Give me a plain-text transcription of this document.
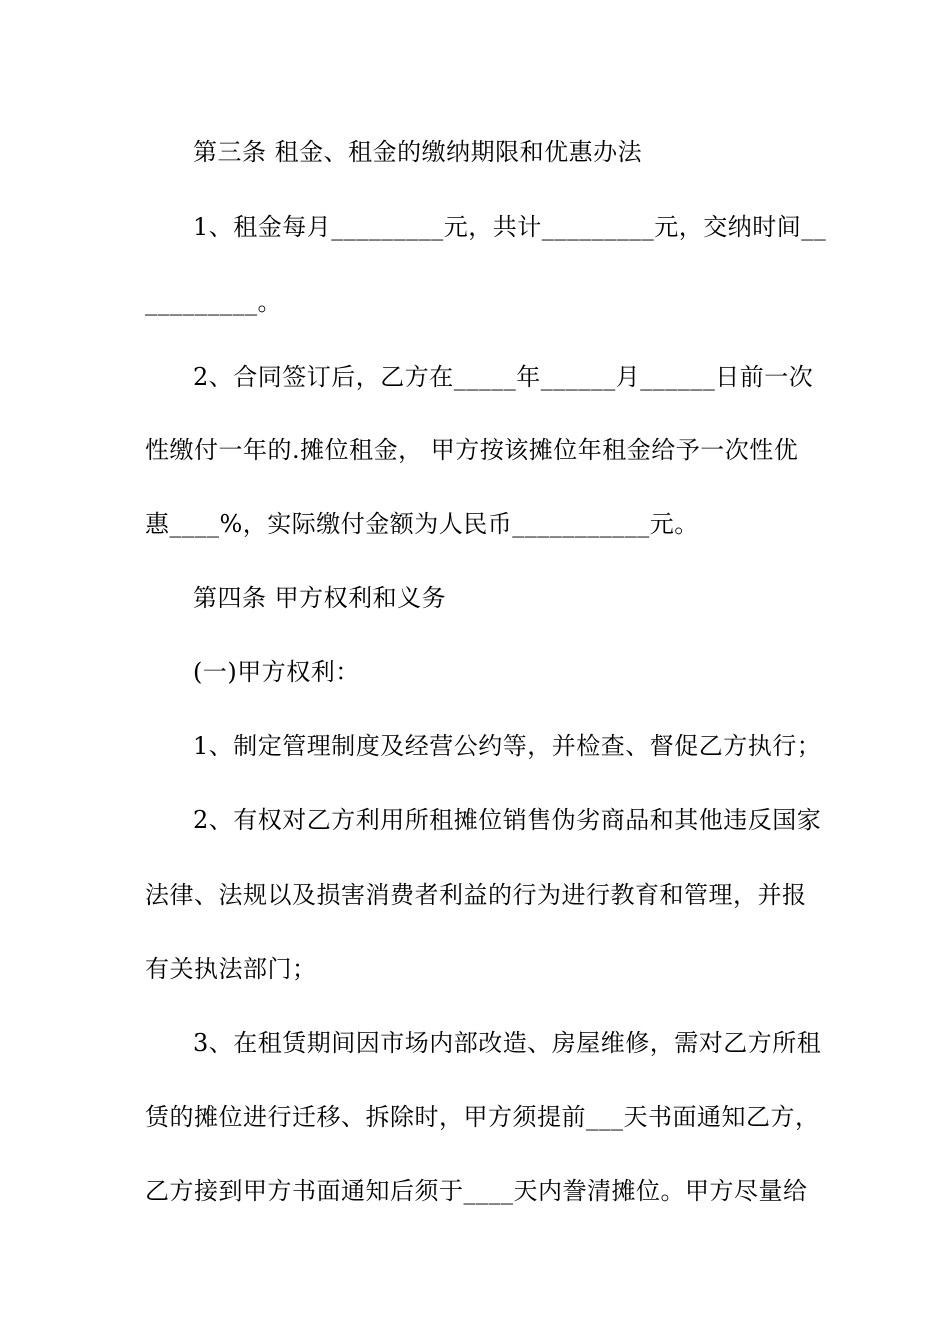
第三条 租金、租金的缴纳期限和优惠办法
1、租金每月_________元，共计_________元，交纳时间__
_________。
2、合同签订后，乙方在_____年______月______日前一次
性缴付一年的.摊位租金， 甲方按该摊位年租金给予一次性优
惠____%，实际缴付金额为人民币___________元。
第四条 甲方权利和义务
(一)甲方权利：
1、制定管理制度及经营公约等，并检查、督促乙方执行；
2、有权对乙方利用所租摊位销售伪劣商品和其他违反国家
法律、法规以及损害消费者利益的行为进行教育和管理，并报
有关执法部门；
3、在租赁期间因市场内部改造、房屋维修，需对乙方所租
赁的摊位进行迁移、拆除时，甲方须提前___天书面通知乙方，
乙方接到甲方书面通知后须于____天内誊清摊位。甲方尽量给
